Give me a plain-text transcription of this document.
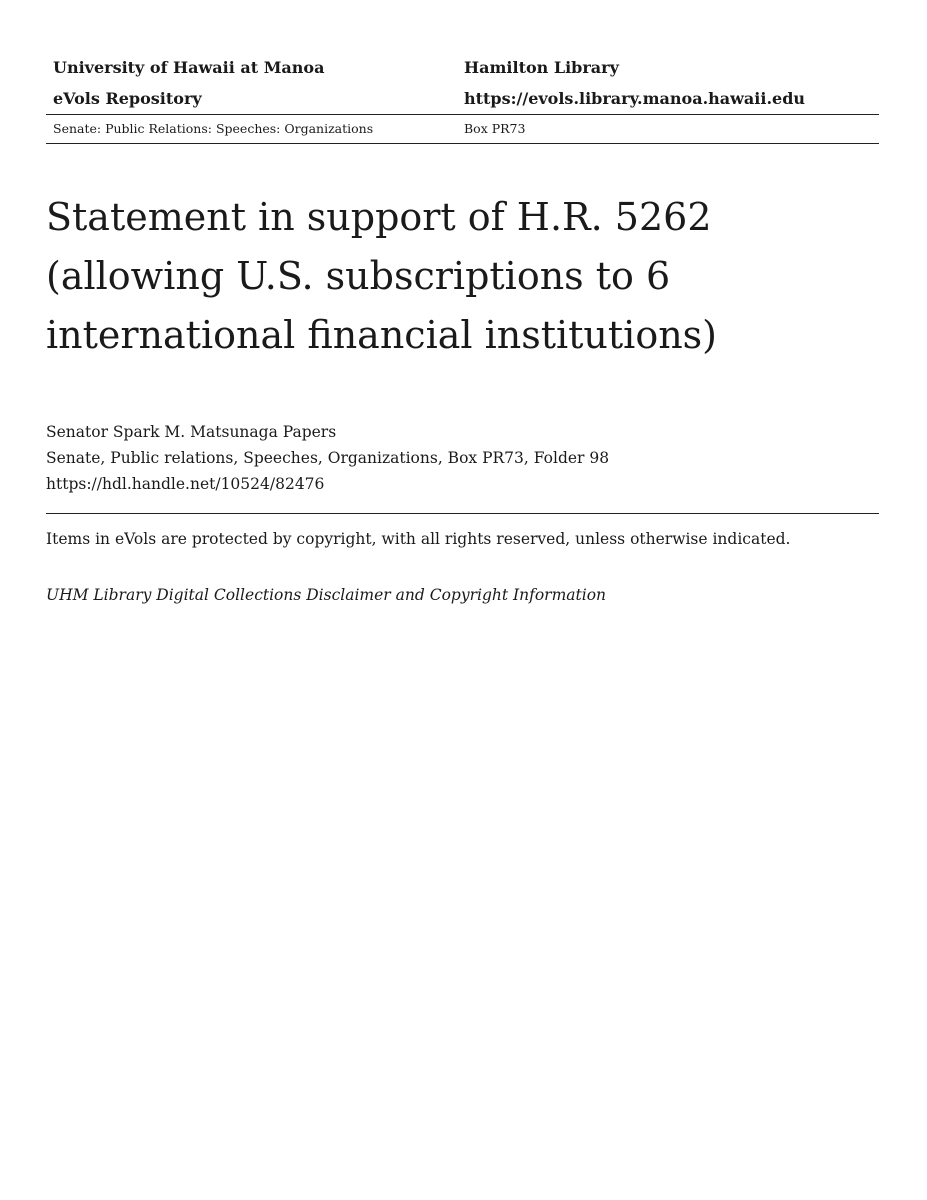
University of Hawaii at Manoa	Hamilton Library
eVols Repository	https://evols.library.manoa.hawaii.edu
Senate: Public Relations: Speeches: Organizations	Box PR73
Statement in support of H.R. 5262 (allowing U.S. subscriptions to 6 international financial institutions)
Senator Spark M. Matsunaga Papers
Senate, Public relations, Speeches, Organizations, Box PR73, Folder 98
https://hdl.handle.net/10524/82476
Items in eVols are protected by copyright, with all rights reserved, unless otherwise indicated.
UHM Library Digital Collections Disclaimer and Copyright Information
